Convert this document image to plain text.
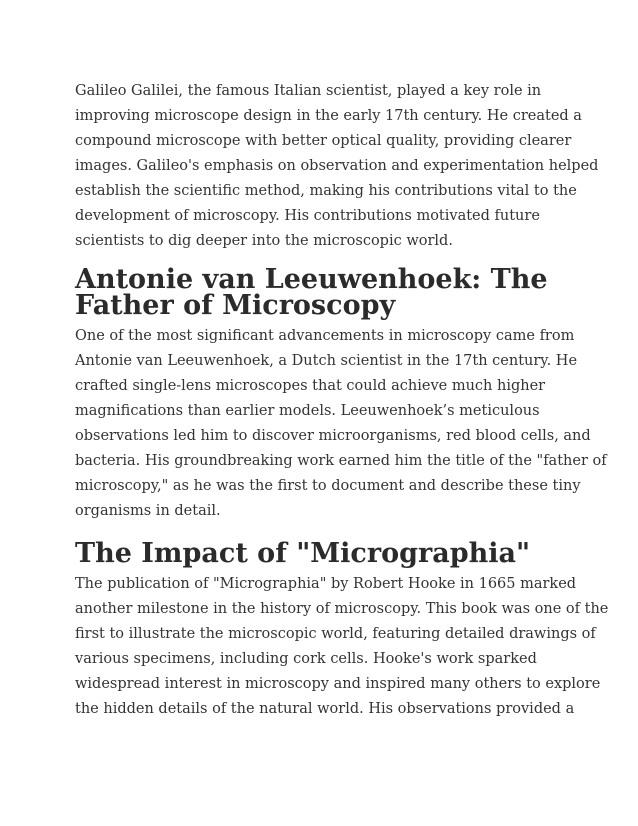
Galileo Galilei, the famous Italian scientist, played a key role in
improving microscope design in the early 17th century. He created a
compound microscope with better optical quality, providing clearer
images. Galileo's emphasis on observation and experimentation helped
establish the scientific method, making his contributions vital to the
development of microscopy. His contributions motivated future
scientists to dig deeper into the microscopic world.

Antonie van Leeuwenhoek: The
Father of Microscopy

One of the most significant advancements in microscopy came from
Antonie van Leeuwenhoek, a Dutch scientist in the 17th century. He
crafted single-lens microscopes that could achieve much higher
magnifications than earlier models. Leeuwenhoek’s meticulous
observations led him to discover microorganisms, red blood cells, and
bacteria. His groundbreaking work earned him the title of the "father of
microscopy," as he was the first to document and describe these tiny
organisms in detail.

The Impact of "Micrographia"

The publication of "Micrographia" by Robert Hooke in 1665 marked
another milestone in the history of microscopy. This book was one of the
first to illustrate the microscopic world, featuring detailed drawings of
various specimens, including cork cells. Hooke's work sparked
widespread interest in microscopy and inspired many others to explore
the hidden details of the natural world. His observations provided a
